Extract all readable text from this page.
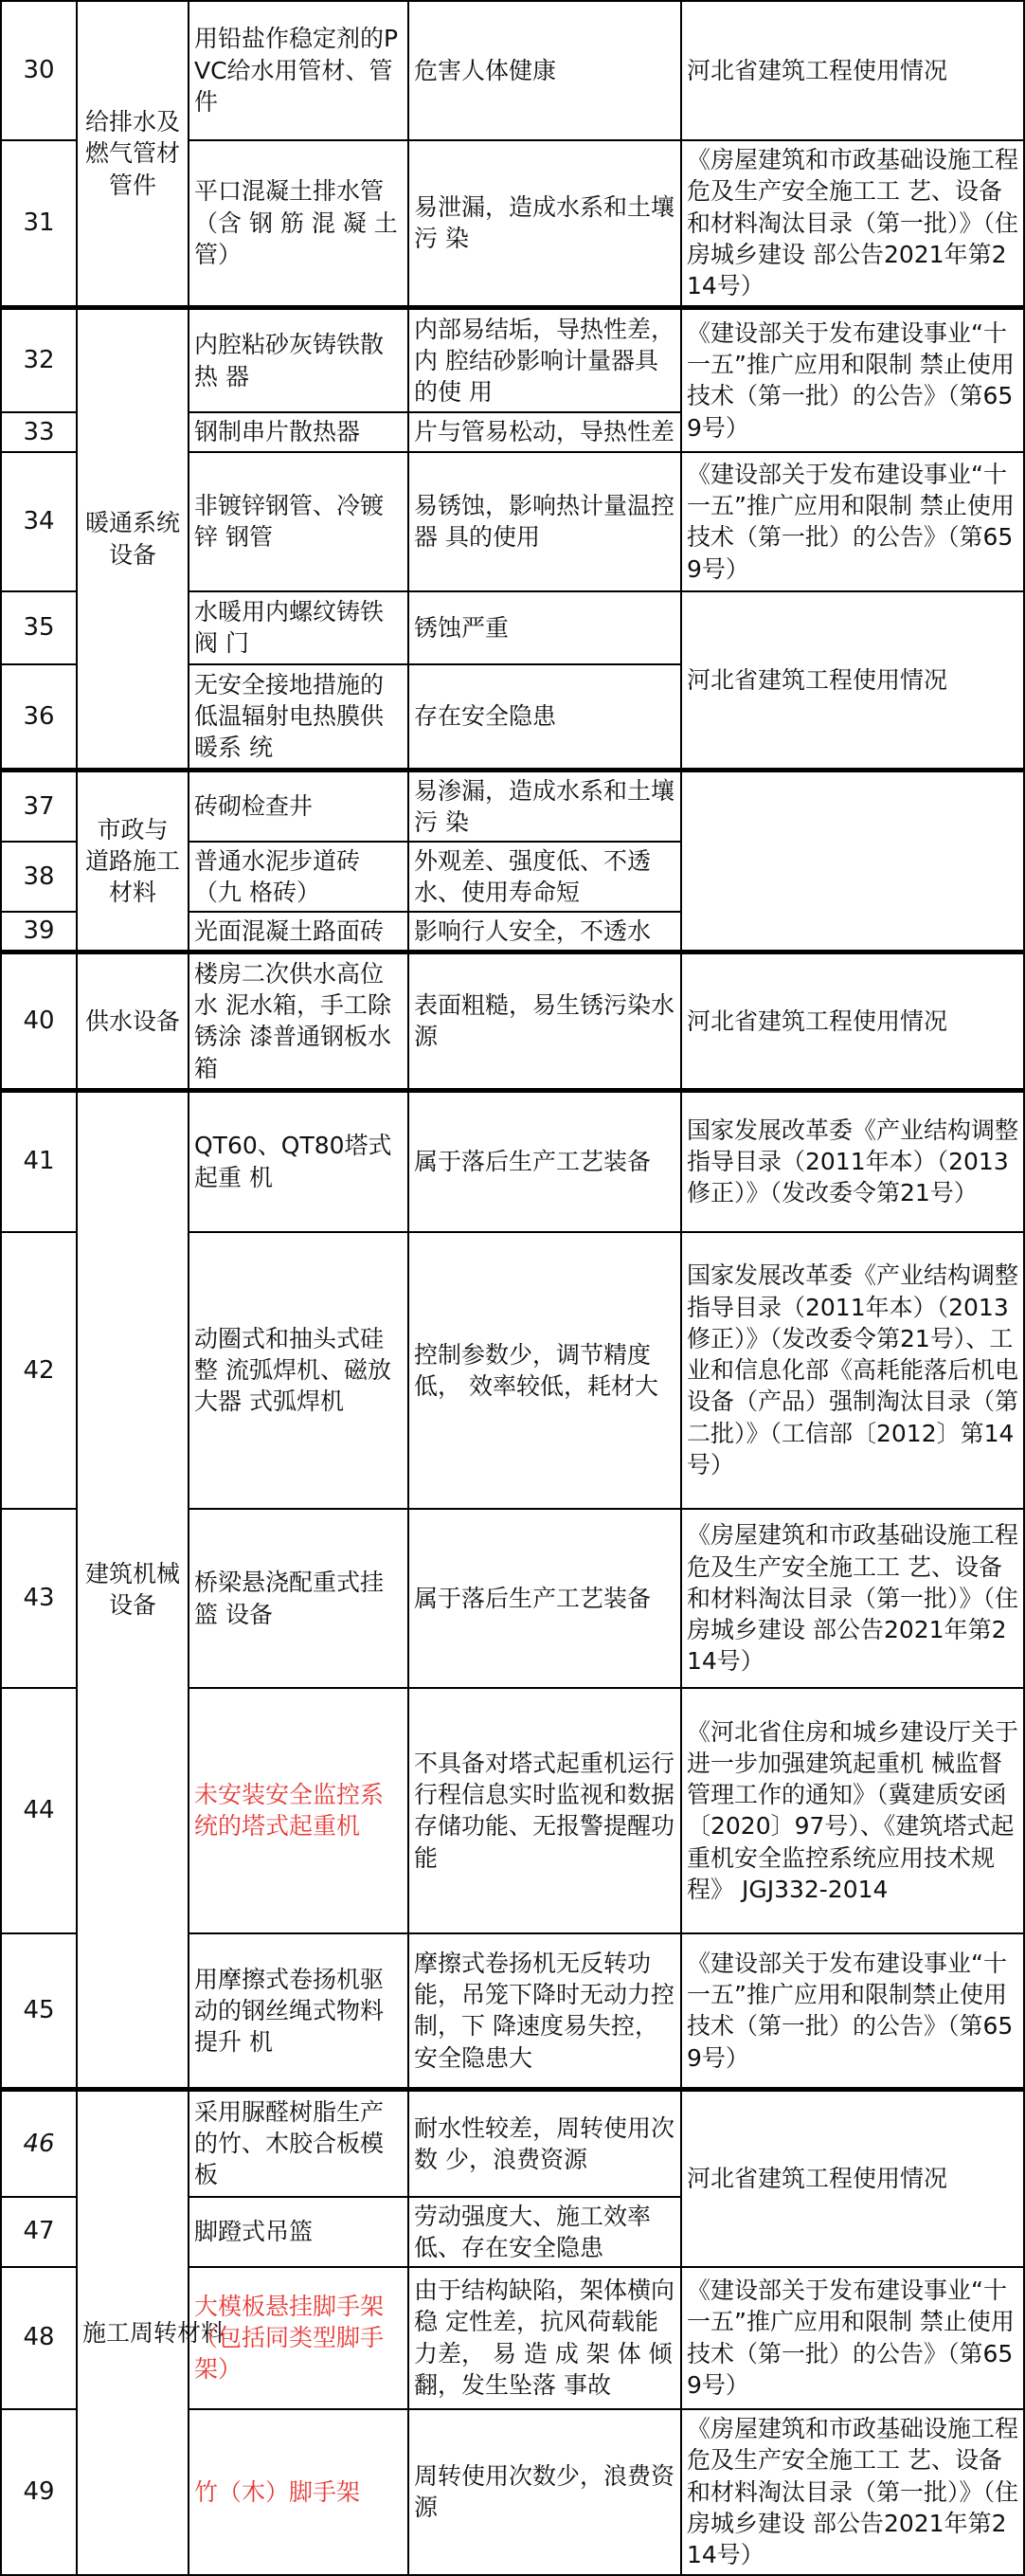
30	给排水及燃气管材管件	用铅盐作稳定剂的PVC给水用管材、管 件	危害人体健康	河北省建筑工程使用情况
31		平口混凝土排水管（含 钢 筋 混 凝 土 管）	易泄漏，造成水系和土壤污 染	《房屋建筑和市政基础设施工程危及生产安全施工工 艺、设备和材料淘汰目录（第一批）》（住房城乡建设 部公告2021年第214号）
32	暖通系统设备	内腔粘砂灰铸铁散热 器	内部易结垢，导热性差，内 腔结砂影响计量器具的使 用	《建设部关于发布建设事业“十一五”推广应用和限制 禁止使用技术（第一批）的公告》（第659号）
33		钢制串片散热器	片与管易松动，导热性差	
34		非镀锌钢管、冷镀锌 钢管	易锈蚀，影响热计量温控器 具的使用	《建设部关于发布建设事业“十一五”推广应用和限制 禁止使用技术（第一批）的公告》（第659号）
35		水暖用内螺纹铸铁阀 门	锈蚀严重	河北省建筑工程使用情况
36		无安全接地措施的低温辐射电热膜供暖系 统	存在安全隐患	
37	市政与 道路施工 材料	砖砌检查井	易渗漏，造成水系和土壤污 染	
38		普通水泥步道砖（九 格砖）	外观差、强度低、不透水、使用寿命短	
39		光面混凝土路面砖	影响行人安全，不透水	
40	供水设备	楼房二次供水高位水 泥水箱，手工除锈涂 漆普通钢板水箱	表面粗糙，易生锈污染水源	河北省建筑工程使用情况
41	建筑机械设备	QT60、QT80塔式起重 机	属于落后生产工艺装备	国家发展改革委《产业结构调整指导目录（2011年本）（2013修正）》（发改委令第21号）
42		动圈式和抽头式硅整 流弧焊机、磁放大器 式弧焊机	控制参数少，调节精度低， 效率较低，耗材大	国家发展改革委《产业结构调整指导目录（2011年本）（2013修正）》（发改委令第21号）、工业和信息化部《高耗能落后机电设备（产品）强制淘汰目录（第二批）》（工信部〔2012〕第14号）
43		桥梁悬浇配重式挂篮 设备	属于落后生产工艺装备	《房屋建筑和市政基础设施工程危及生产安全施工工 艺、设备和材料淘汰目录（第一批）》（住房城乡建设 部公告2021年第214号）
44		未安装安全监控系统的塔式起重机	不具备对塔式起重机运行行程信息实时监视和数据存储功能、无报警提醒功能	《河北省住房和城乡建设厅关于进一步加强建筑起重机 械监督管理工作的通知》（冀建质安函〔2020〕97号）、《建筑塔式起重机安全监控系统应用技术规程》 JGJ332-2014
45		用摩擦式卷扬机驱动的钢丝绳式物料提升 机	摩擦式卷扬机无反转功能，吊笼下降时无动力控制，下 降速度易失控，安全隐患大	《建设部关于发布建设事业“十一五”推广应用和限制禁止使用技术（第一批）的公告》（第659号）
46	施工周转材料	采用脲醛树脂生产的竹、木胶合板模板	耐水性较差，周转使用次数 少，浪费资源	河北省建筑工程使用情况
47		脚蹬式吊篮	劳动强度大、施工效率低、存在安全隐患	
48		大模板悬挂脚手架（包括同类型脚手架）	由于结构缺陷，架体横向稳 定性差，抗风荷载能力差， 易 造 成 架 体 倾 翻，发生坠落 事故	《建设部关于发布建设事业“十一五”推广应用和限制 禁止使用技术（第一批）的公告》（第659号）
49		竹（木）脚手架	周转使用次数少，浪费资源	《房屋建筑和市政基础设施工程危及生产安全施工工 艺、设备和材料淘汰目录（第一批）》（住房城乡建设 部公告2021年第214号）
